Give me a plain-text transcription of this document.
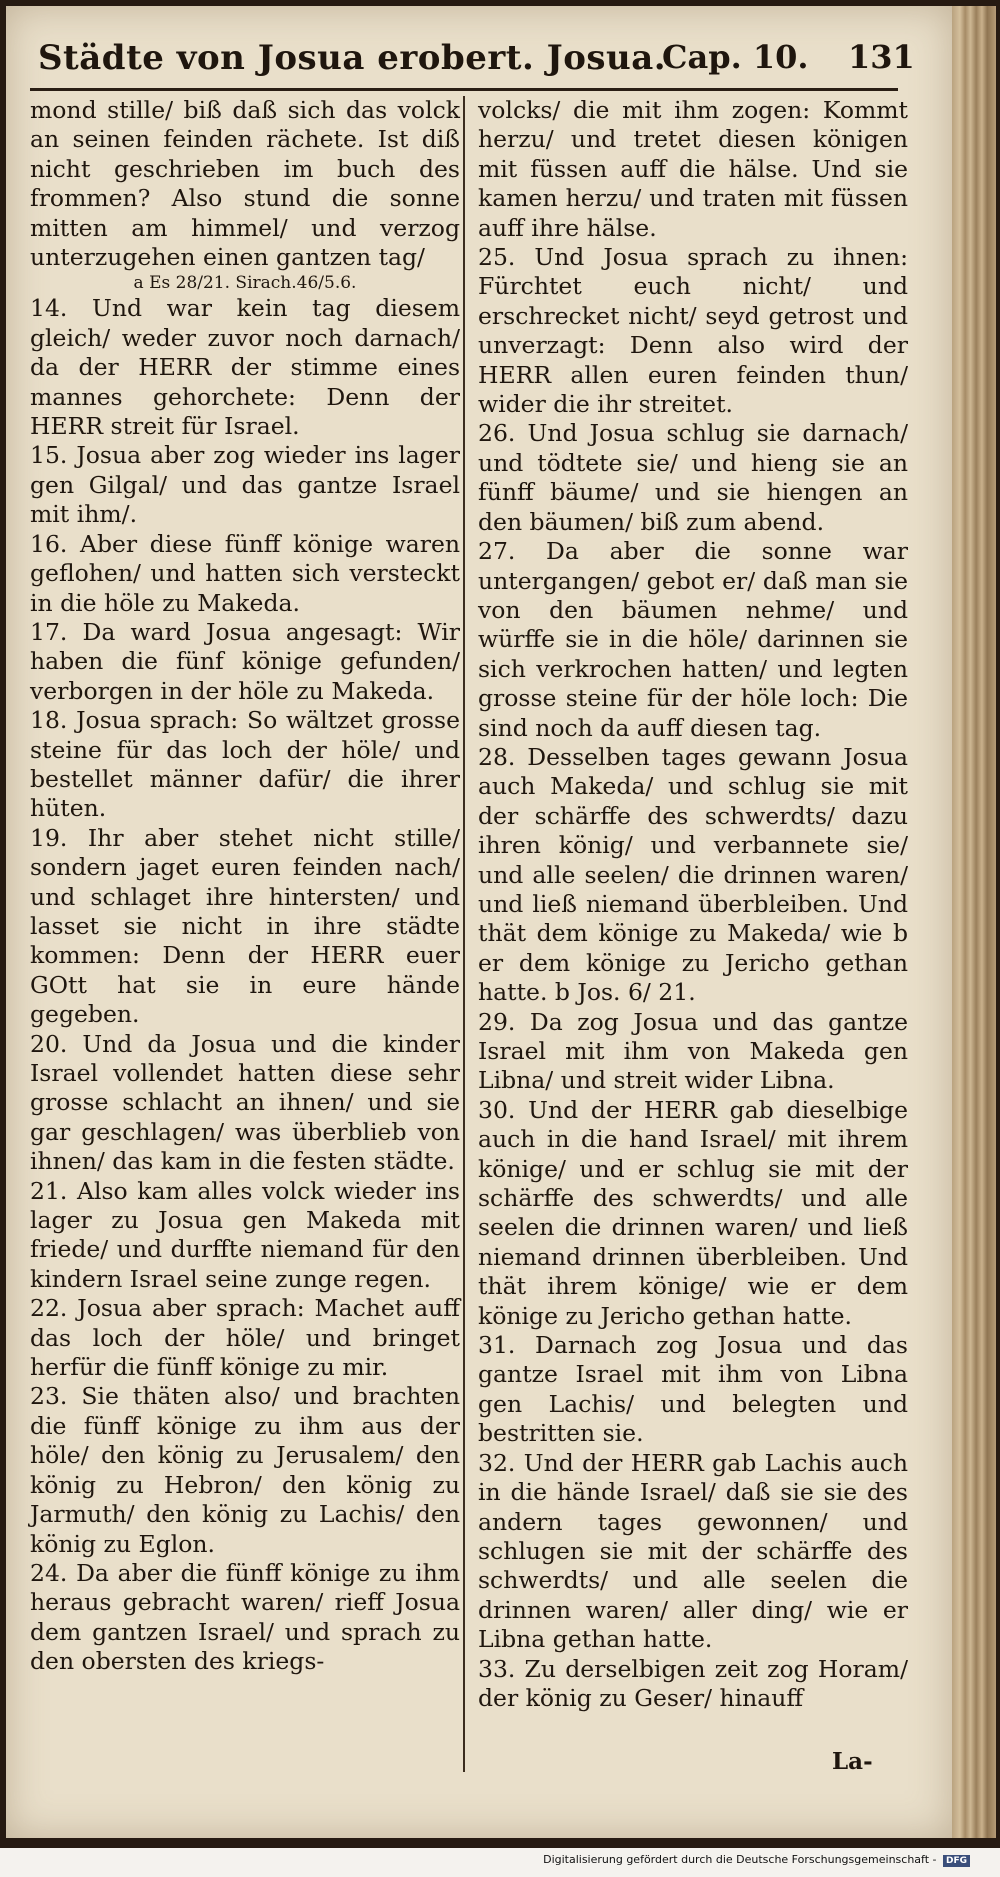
Städte von Josua erobert. Josua.
Cap. 10. 131

mond stille/ biß daß sich das volck an seinen feinden rächete. Ist diß nicht geschrieben im buch des frommen? Also stund die sonne mitten am himmel/ und verzog unterzugehen einen gantzen tag/

a Es 28/21. Sirach.46/5.6.

14. Und war kein tag diesem gleich/ weder zuvor noch darnach/ da der HERR der stimme eines mannes gehorchete: Denn der HERR streit für Israel.

15. Josua aber zog wieder ins lager gen Gilgal/ und das gantze Israel mit ihm/.

16. Aber diese fünff könige waren geflohen/ und hatten sich versteckt in die höle zu Makeda.

17. Da ward Josua angesagt: Wir haben die fünf könige gefunden/ verborgen in der höle zu Makeda.

18. Josua sprach: So wältzet grosse steine für das loch der höle/ und bestellet männer dafür/ die ihrer hüten.

19. Ihr aber stehet nicht stille/ sondern jaget euren feinden nach/ und schlaget ihre hintersten/ und lasset sie nicht in ihre städte kommen: Denn der HERR euer GOtt hat sie in eure hände gegeben.

20. Und da Josua und die kinder Israel vollendet hatten diese sehr grosse schlacht an ihnen/ und sie gar geschlagen/ was überblieb von ihnen/ das kam in die festen städte.

21. Also kam alles volck wieder ins lager zu Josua gen Makeda mit friede/ und durffte niemand für den kindern Israel seine zunge regen.

22. Josua aber sprach: Machet auff das loch der höle/ und bringet herfür die fünff könige zu mir.

23. Sie thäten also/ und brachten die fünff könige zu ihm aus der höle/ den könig zu Jerusalem/ den könig zu Hebron/ den könig zu Jarmuth/ den könig zu Lachis/ den könig zu Eglon.

24. Da aber die fünff könige zu ihm heraus gebracht waren/ rieff Josua dem gantzen Israel/ und sprach zu den obersten des kriegs-

volcks/ die mit ihm zogen: Kommt herzu/ und tretet diesen königen mit füssen auff die hälse. Und sie kamen herzu/ und traten mit füssen auff ihre hälse.

25. Und Josua sprach zu ihnen: Fürchtet euch nicht/ und erschrecket nicht/ seyd getrost und unverzagt: Denn also wird der HERR allen euren feinden thun/ wider die ihr streitet.

26. Und Josua schlug sie darnach/ und tödtete sie/ und hieng sie an fünff bäume/ und sie hiengen an den bäumen/ biß zum abend.

27. Da aber die sonne war untergangen/ gebot er/ daß man sie von den bäumen nehme/ und würffe sie in die höle/ darinnen sie sich verkrochen hatten/ und legten grosse steine für der höle loch: Die sind noch da auff diesen tag.

28. Desselben tages gewann Josua auch Makeda/ und schlug sie mit der schärffe des schwerdts/ dazu ihren könig/ und verbannete sie/ und alle seelen/ die drinnen waren/ und ließ niemand überbleiben. Und thät dem könige zu Makeda/ wie b er dem könige zu Jericho gethan hatte. b Jos. 6/ 21.

29. Da zog Josua und das gantze Israel mit ihm von Makeda gen Libna/ und streit wider Libna.

30. Und der HERR gab dieselbige auch in die hand Israel/ mit ihrem könige/ und er schlug sie mit der schärffe des schwerdts/ und alle seelen die drinnen waren/ und ließ niemand drinnen überbleiben. Und thät ihrem könige/ wie er dem könige zu Jericho gethan hatte.

31. Darnach zog Josua und das gantze Israel mit ihm von Libna gen Lachis/ und belegten und bestritten sie.

32. Und der HERR gab Lachis auch in die hände Israel/ daß sie sie des andern tages gewonnen/ und schlugen sie mit der schärffe des schwerdts/ und alle seelen die drinnen waren/ aller ding/ wie er Libna gethan hatte.

33. Zu derselbigen zeit zog Horam/ der könig zu Geser/ hinauff

La-
Digitalisierung gefördert durch die Deutsche Forschungsgemeinschaft - DFG
